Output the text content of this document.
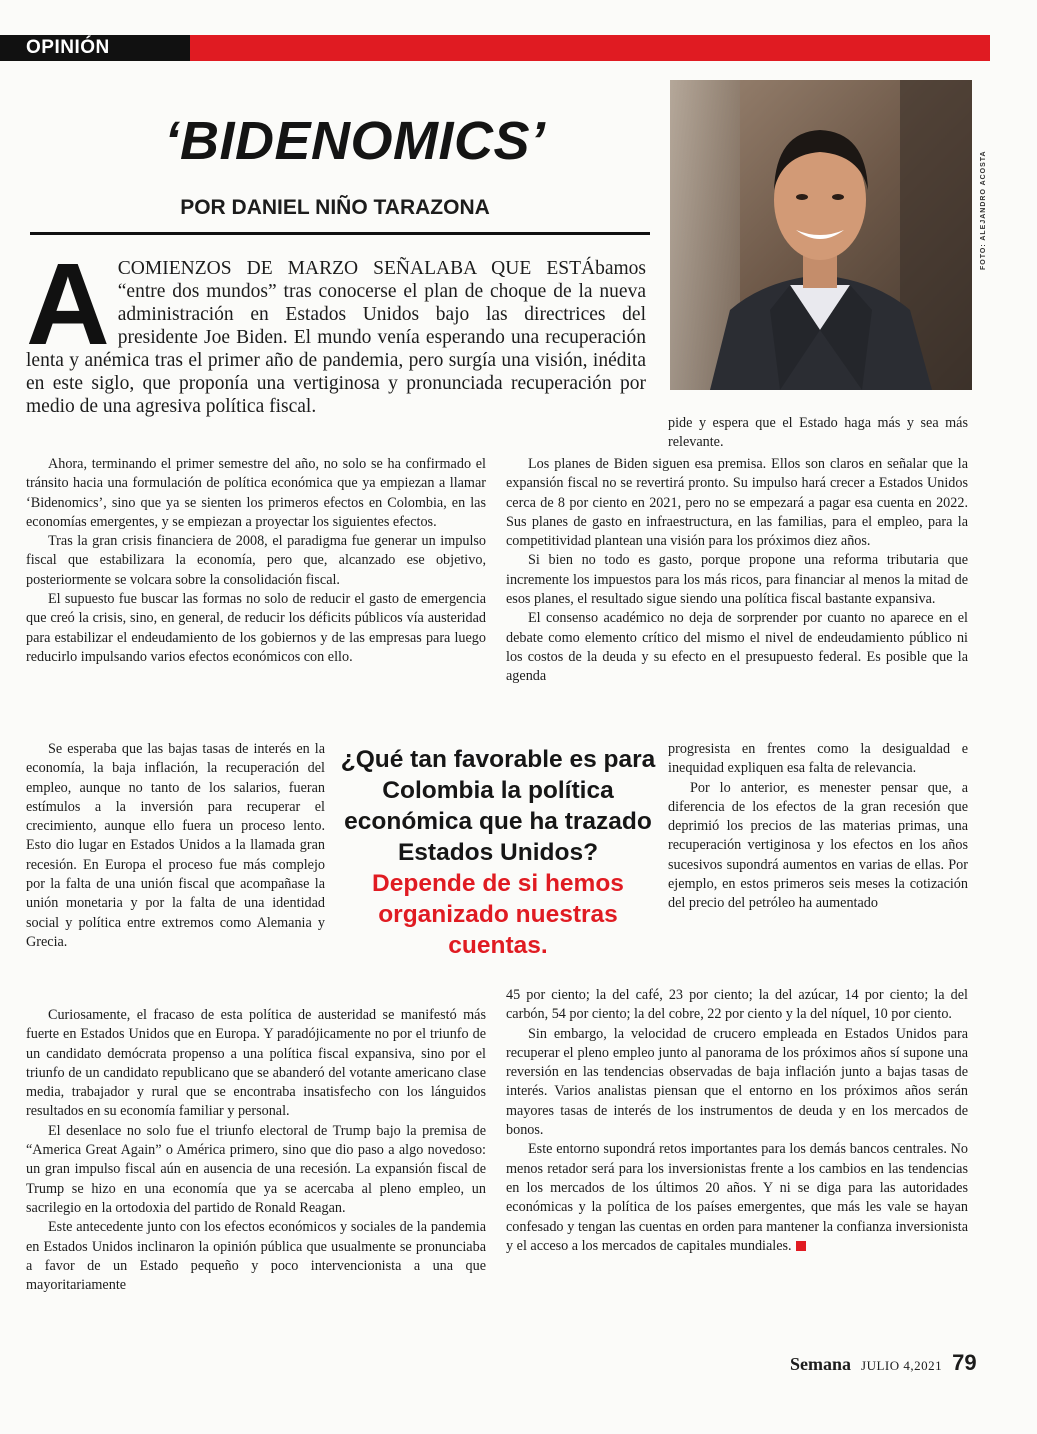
OPINIÓN
‘BIDENOMICS’
POR DANIEL NIÑO TARAZONA	FOTO: ALEJANDRO ACOSTA
ACOMIENZOS DE MARZO SEÑALABA QUE ESTÁbamos “entre dos mundos” tras conocerse el plan de choque de la nueva administración en Estados Unidos bajo las directrices del presidente Joe Biden. El mundo venía esperando una recuperación lenta y anémica tras el primer año de pandemia, pero surgía una visión, inédita en este siglo, que proponía una vertiginosa y pronunciada recuperación por medio de una agresiva política fiscal.

Ahora, terminando el primer semestre del año, no solo se ha confirmado el tránsito hacia una formulación de política económica que ya empiezan a llamar ‘Bidenomics’, sino que ya se sienten los primeros efectos en Colombia, en las economías emergentes, y se empiezan a proyectar los siguientes efectos.

Tras la gran crisis financiera de 2008, el paradigma fue generar un impulso fiscal que estabilizara la economía, pero que, alcanzado ese objetivo, posteriormente se volcara sobre la consolidación fiscal.

El supuesto fue buscar las formas no solo de reducir el gasto de emergencia que creó la crisis, sino, en general, de reducir los déficits públicos vía austeridad para estabilizar el endeudamiento de los gobiernos y de las empresas para luego reducirlo impulsando varios efectos económicos con ello.

Se esperaba que las bajas tasas de interés en la economía, la baja inflación, la recuperación del empleo, aunque no tanto de los salarios, fueran estímulos a la inversión para recuperar el crecimiento, aunque ello fuera un proceso lento. Esto dio lugar en Estados Unidos a la llamada gran recesión. En Europa el proceso fue más complejo por la falta de una unión fiscal que acompañase la unión monetaria y por la falta de una identidad social y política entre extremos como Alemania y Grecia.

¿Qué tan favorable es para Colombia la política económica que ha trazado Estados Unidos?
Depende de si hemos organizado nuestras cuentas.

Curiosamente, el fracaso de esta política de austeridad se manifestó más fuerte en Estados Unidos que en Europa. Y paradójicamente no por el triunfo de un candidato demócrata propenso a una política fiscal expansiva, sino por el triunfo de un candidato republicano que se abanderó del votante americano clase media, trabajador y rural que se encontraba insatisfecho con los lánguidos resultados en su economía familiar y personal.

El desenlace no solo fue el triunfo electoral de Trump bajo la premisa de “America Great Again” o América primero, sino que dio paso a algo novedoso: un gran impulso fiscal aún en ausencia de una recesión. La expansión fiscal de Trump se hizo en una economía que ya se acercaba al pleno empleo, un sacrilegio en la ortodoxia del partido de Ronald Reagan.

Este antecedente junto con los efectos económicos y sociales de la pandemia en Estados Unidos inclinaron la opinión pública que usualmente se pronunciaba a favor de un Estado pequeño y poco intervencionista a una que mayoritariamente

pide y espera que el Estado haga más y sea más relevante.

Los planes de Biden siguen esa premisa. Ellos son claros en señalar que la expansión fiscal no se revertirá pronto. Su impulso hará crecer a Estados Unidos cerca de 8 por ciento en 2021, pero no se empezará a pagar esa cuenta en 2022. Sus planes de gasto en infraestructura, en las familias, para el empleo, para la competitividad plantean una visión para los próximos diez años.

Si bien no todo es gasto, porque propone una reforma tributaria que incremente los impuestos para los más ricos, para financiar al menos la mitad de esos planes, el resultado sigue siendo una política fiscal bastante expansiva.

El consenso académico no deja de sorprender por cuanto no aparece en el debate como elemento crítico del mismo el nivel de endeudamiento público ni los costos de la deuda y su efecto en el presupuesto federal. Es posible que la agenda

progresista en frentes como la desigualdad e inequidad expliquen esa falta de relevancia.

Por lo anterior, es menester pensar que, a diferencia de los efectos de la gran recesión que deprimió los precios de las materias primas, una recuperación vertiginosa y los efectos en los años sucesivos supondrá aumentos en varias de ellas. Por ejemplo, en estos primeros seis meses la cotización del precio del petróleo ha aumentado

45 por ciento; la del café, 23 por ciento; la del azúcar, 14 por ciento; la del carbón, 54 por ciento; la del cobre, 22 por ciento y la del níquel, 10 por ciento.

Sin embargo, la velocidad de crucero empleada en Estados Unidos para recuperar el pleno empleo junto al panorama de los próximos años sí supone una reversión en las tendencias observadas de baja inflación junto a bajas tasas de interés. Varios analistas piensan que el entorno en los próximos años serán mayores tasas de interés de los instrumentos de deuda y en los mercados de bonos.

Este entorno supondrá retos importantes para los demás bancos centrales. No menos retador será para los inversionistas frente a los cambios en las tendencias en los mercados de los últimos 20 años. Y ni se diga para las autoridades económicas y la política de los países emergentes, que más les vale se hayan confesado y tengan las cuentas en orden para mantener la confianza inversionista y el acceso a los mercados de capitales mundiales.

Semana JULIO 4,2021 79
